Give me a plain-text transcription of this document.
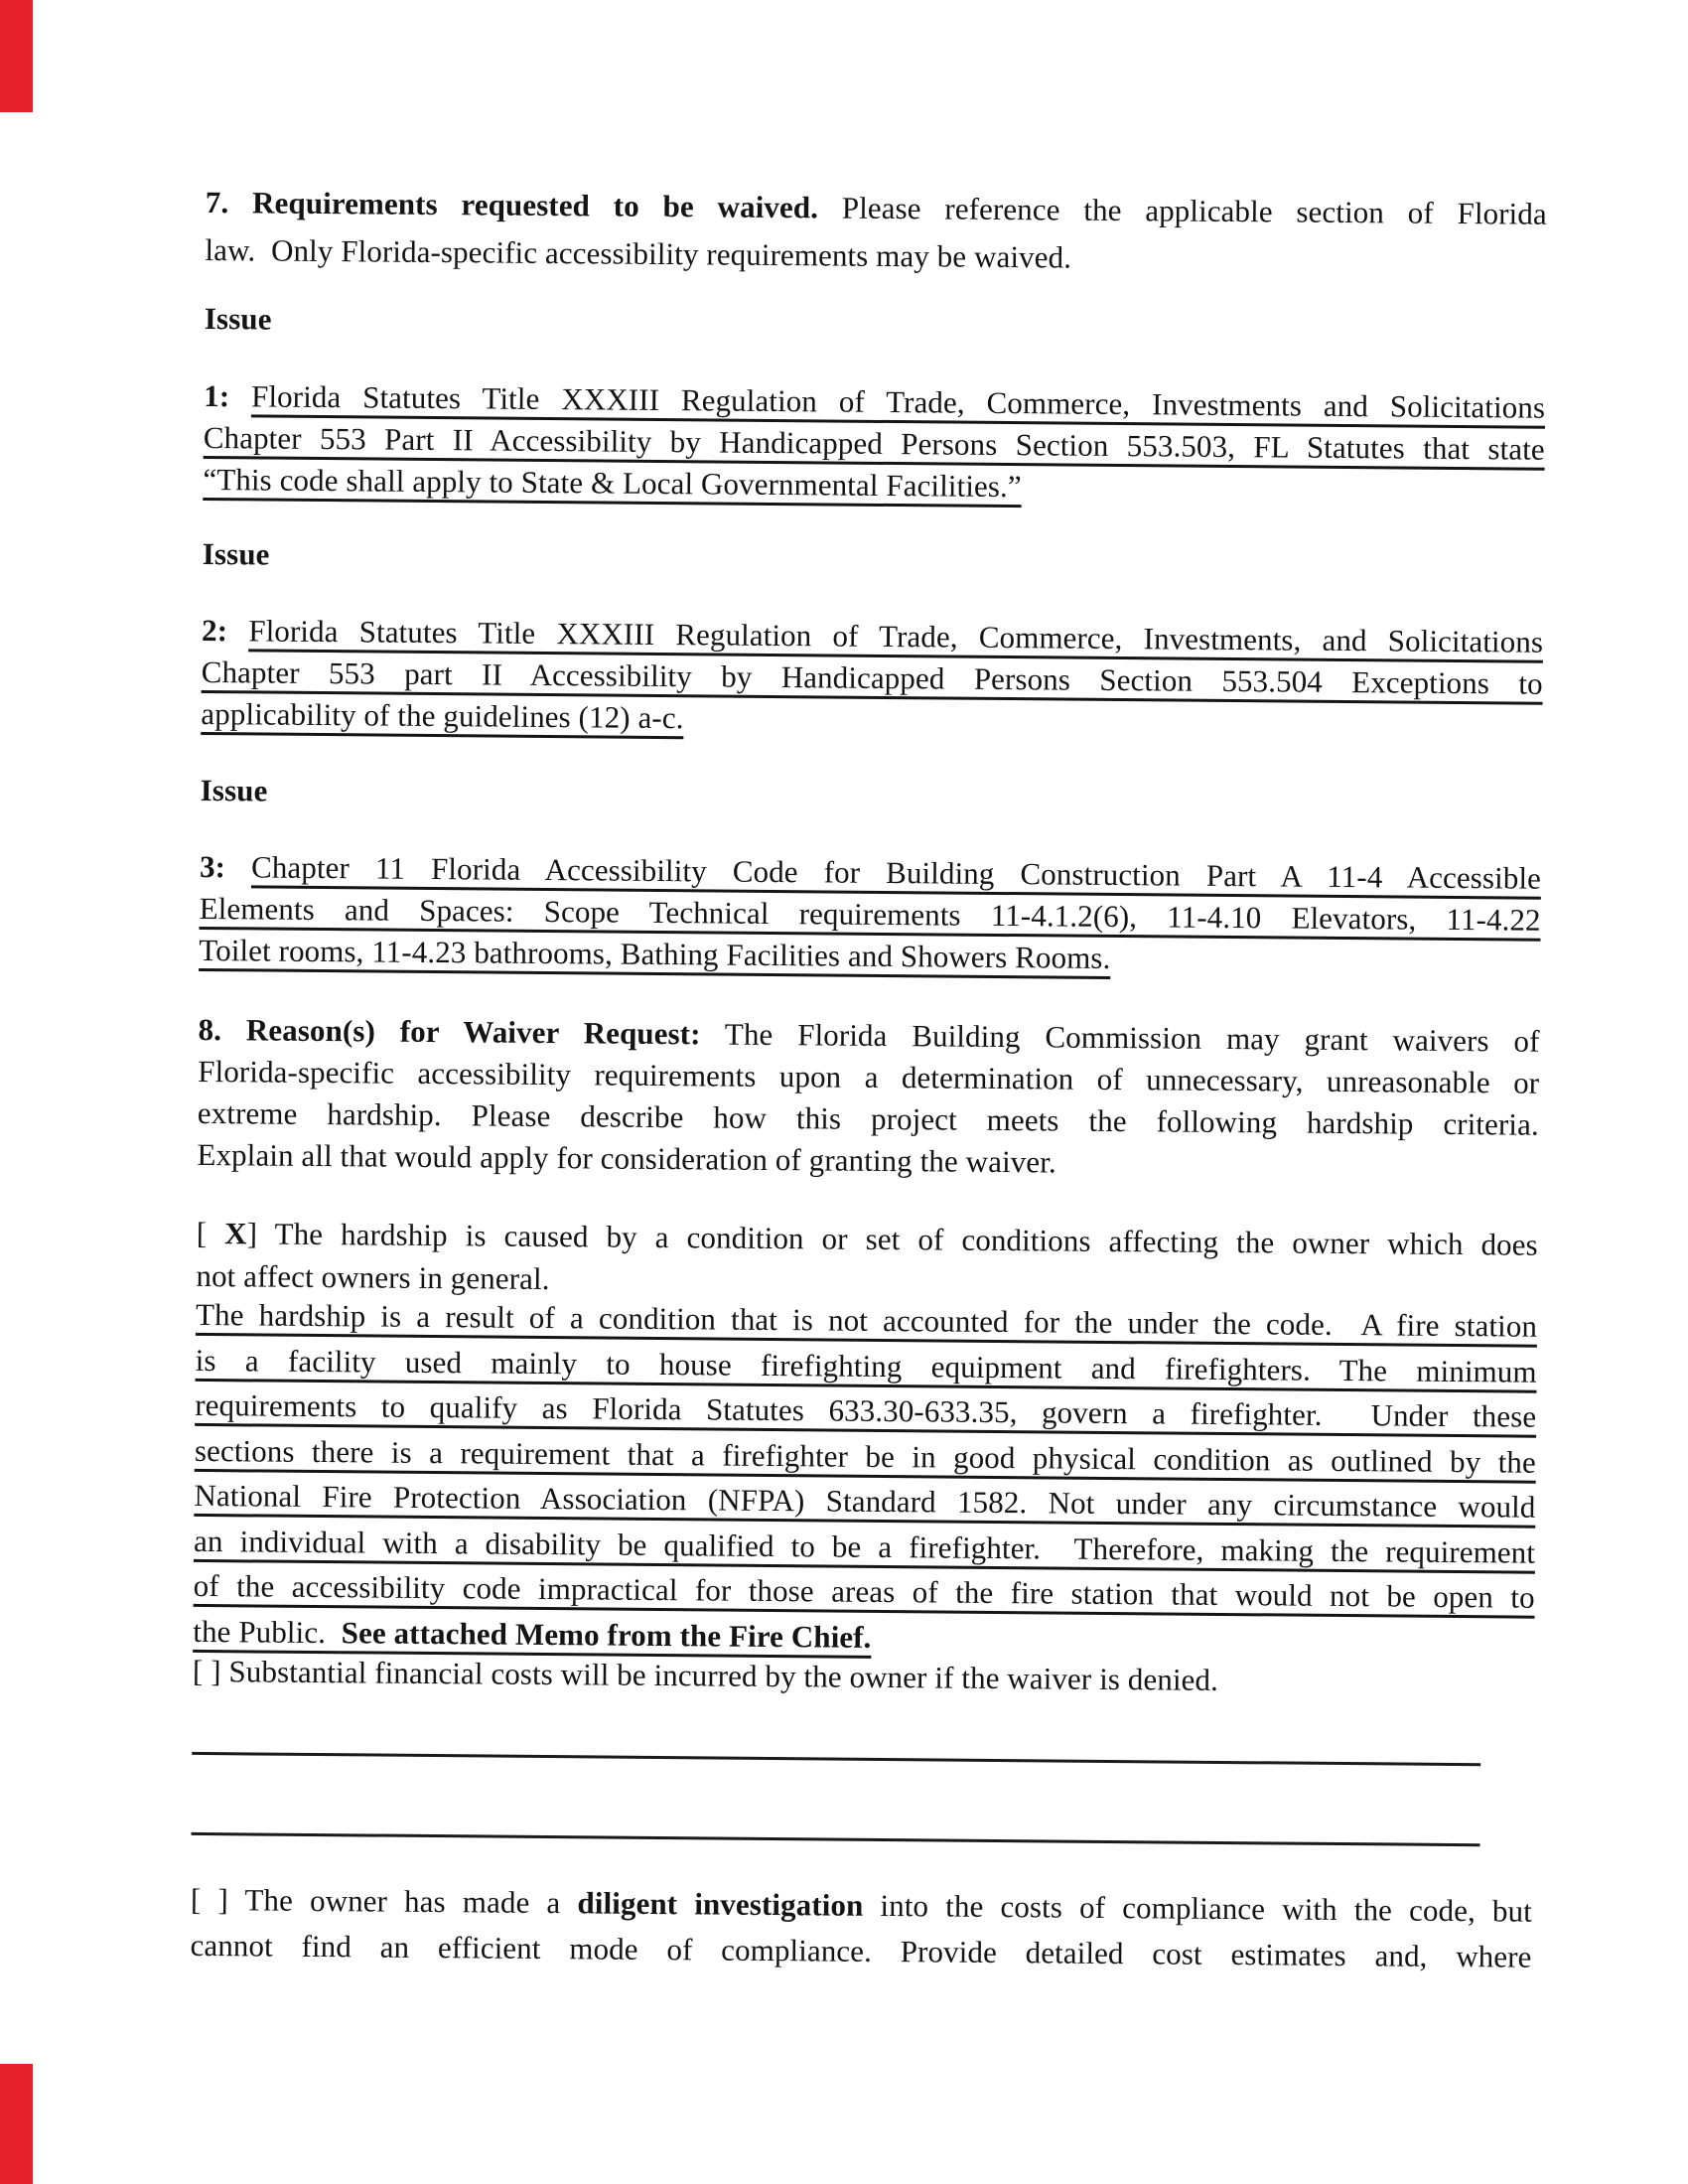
7. Requirements requested to be waived. Please reference the applicable section of Florida
law.  Only Florida-specific accessibility requirements may be waived.
Issue
1: Florida Statutes Title XXXIII Regulation of Trade, Commerce, Investments and Solicitations
Chapter 553 Part II Accessibility by Handicapped Persons Section 553.503, FL Statutes that state
“This code shall apply to State & Local Governmental Facilities.”
Issue
2: Florida Statutes Title XXXIII Regulation of Trade, Commerce, Investments, and Solicitations
Chapter 553 part II Accessibility by Handicapped Persons Section 553.504 Exceptions to
applicability of the guidelines (12) a-c.
Issue
3: Chapter 11 Florida Accessibility Code for Building Construction Part A 11-4 Accessible
Elements and Spaces: Scope Technical requirements 11-4.1.2(6), 11-4.10 Elevators, 11-4.22
Toilet rooms, 11-4.23 bathrooms, Bathing Facilities and Showers Rooms.
8. Reason(s) for Waiver Request: The Florida Building Commission may grant waivers of
Florida-specific accessibility requirements upon a determination of unnecessary, unreasonable or
extreme hardship. Please describe how this project meets the following hardship criteria.
Explain all that would apply for consideration of granting the waiver.
[ X] The hardship is caused by a condition or set of conditions affecting the owner which does
not affect owners in general.
The hardship is a result of a condition that is not accounted for the under the code.  A fire station
is a facility used mainly to house firefighting equipment and firefighters. The minimum
requirements to qualify as Florida Statutes 633.30-633.35, govern a firefighter.  Under these
sections there is a requirement that a firefighter be in good physical condition as outlined by the
National Fire Protection Association (NFPA) Standard 1582. Not under any circumstance would
an individual with a disability be qualified to be a firefighter.  Therefore, making the requirement
of the accessibility code impractical for those areas of the fire station that would not be open to
the Public.  See attached Memo from the Fire Chief.
[ ] Substantial financial costs will be incurred by the owner if the waiver is denied.
[ ] The owner has made a diligent investigation into the costs of compliance with the code, but
cannot find an efficient mode of compliance. Provide detailed cost estimates and, where
